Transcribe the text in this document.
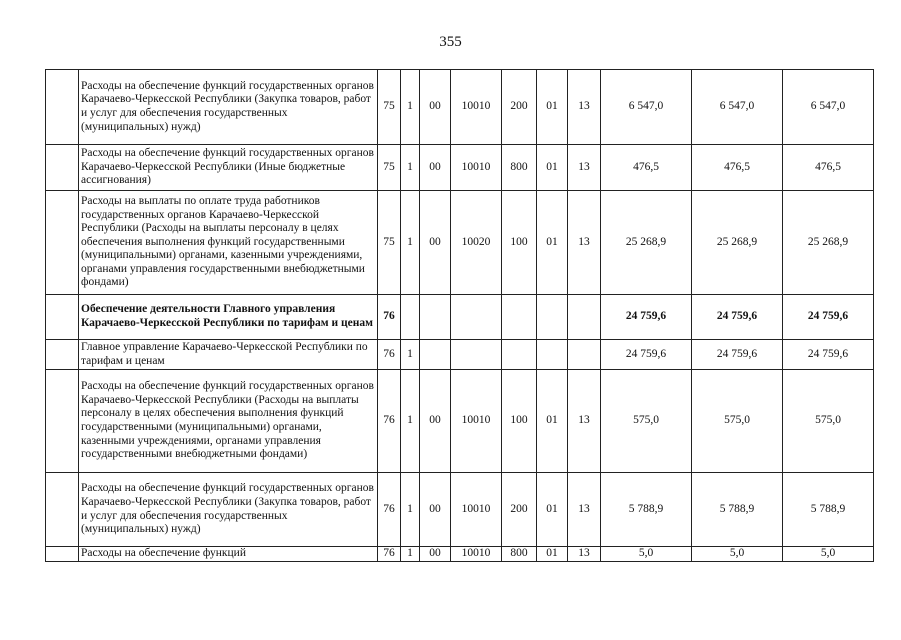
355
	Расходы на обеспечение функций государственных органов Карачаево-Черкесской Республики (Закупка товаров, работ и услуг для обеспечения государственных (муниципальных) нужд)	75	1	00	10010	200	01	13	6 547,0	6 547,0	6 547,0
	Расходы на обеспечение функций государственных органов Карачаево-Черкесской Республики (Иные бюджетные ассигнования)	75	1	00	10010	800	01	13	476,5	476,5	476,5
	Расходы на выплаты по оплате труда работников государственных органов Карачаево-Черкесской Республики (Расходы на выплаты персоналу в целях обеспечения выполнения функций государственными (муниципальными) органами, казенными учреждениями, органами управления государственными внебюджетными фондами)	75	1	00	10020	100	01	13	25 268,9	25 268,9	25 268,9
	Обеспечение деятельности Главного управления Карачаево-Черкесской Республики по тарифам и ценам	76							24 759,6	24 759,6	24 759,6
	Главное управление Карачаево-Черкесской Республики по тарифам и ценам	76	1						24 759,6	24 759,6	24 759,6
	Расходы на обеспечение функций государственных органов Карачаево-Черкесской Республики (Расходы на выплаты персоналу в целях обеспечения выполнения функций государственными (муниципальными) органами, казенными учреждениями, органами управления государственными внебюджетными фондами)	76	1	00	10010	100	01	13	575,0	575,0	575,0
	Расходы на обеспечение функций государственных органов Карачаево-Черкесской Республики (Закупка товаров, работ и услуг для обеспечения государственных (муниципальных) нужд)	76	1	00	10010	200	01	13	5 788,9	5 788,9	5 788,9
	Расходы на обеспечение функций	76	1	00	10010	800	01	13	5,0	5,0	5,0
